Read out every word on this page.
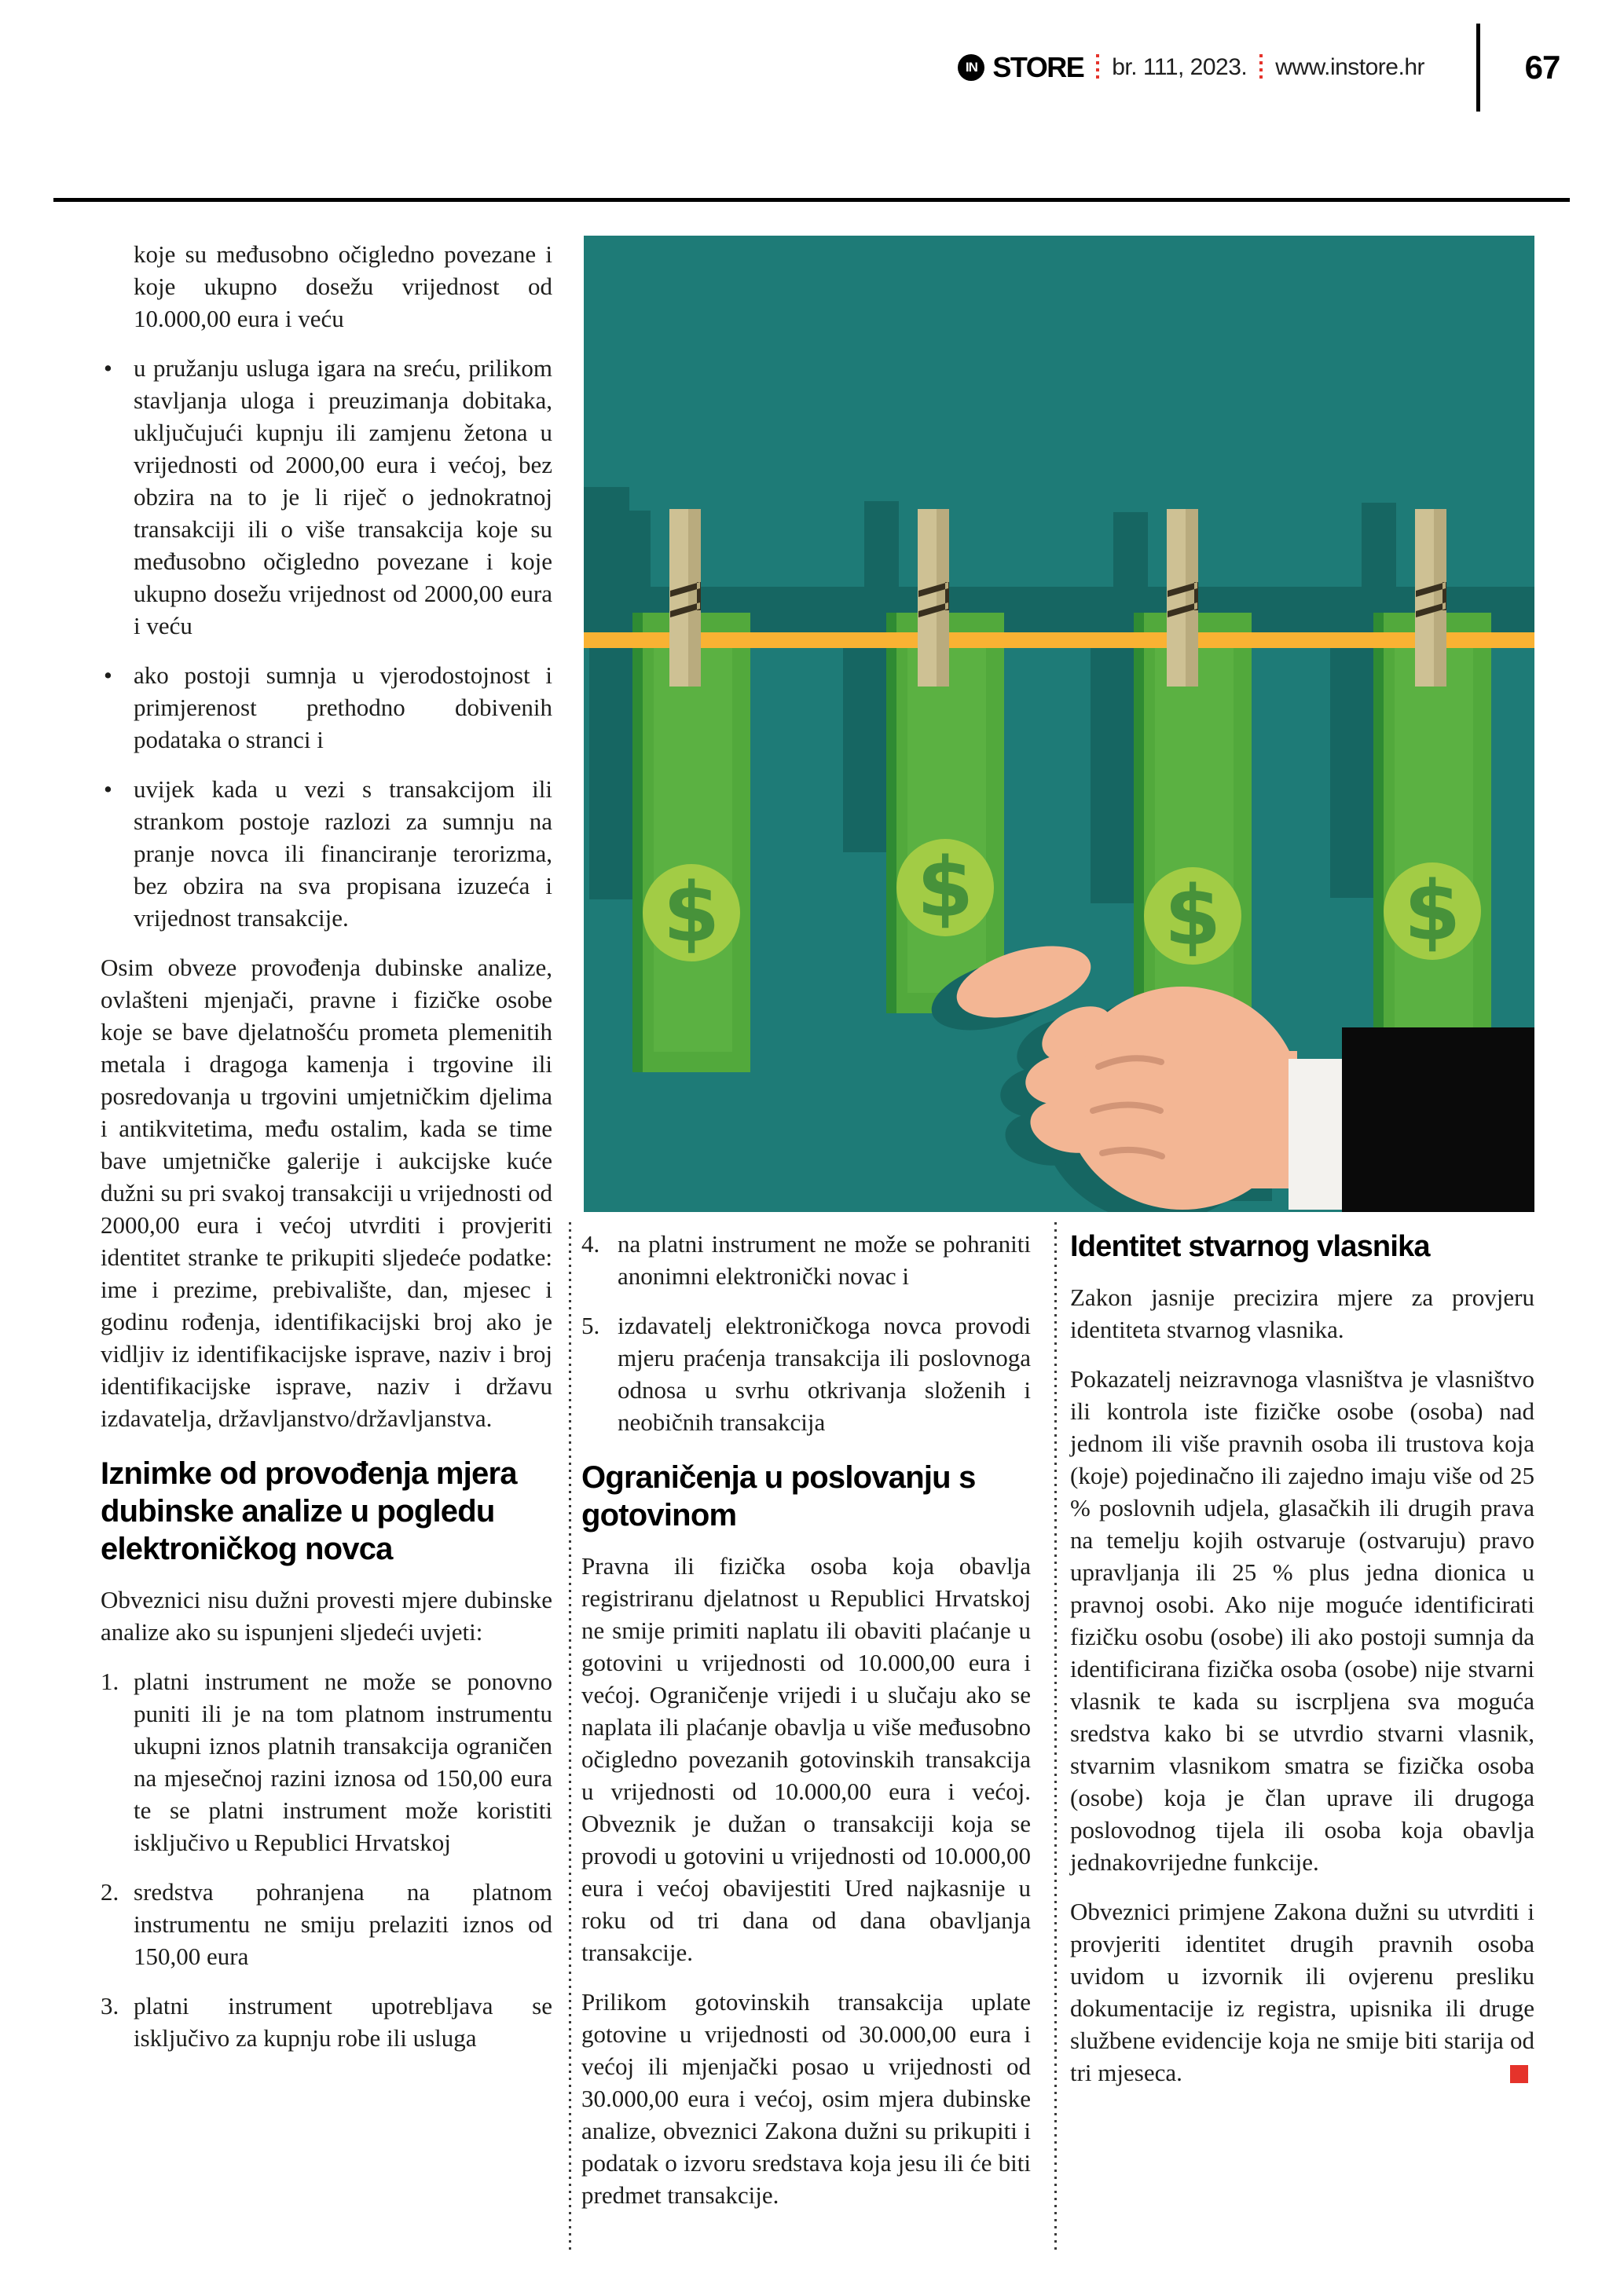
IN STORE br. 111, 2023. www.instore.hr	67

koje su međusobno očigledno povezane i koje ukupno dosežu vrijednost od 10.000,00 eura i veću

• u pružanju usluga igara na sreću, prilikom stavljanja uloga i preuzimanja dobitaka, uključujući kupnju ili zamjenu žetona u vrijednosti od 2000,00 eura i većoj, bez obzira na to je li riječ o jednokratnoj transakciji ili o više transakcija koje su međusobno očigledno povezane i koje ukupno dosežu vrijednost od 2000,00 eura i veću
• ako postoji sumnja u vjerodostojnost i primjerenost prethodno dobivenih podataka o stranci i
• uvijek kada u vezi s transakcijom ili strankom postoje razlozi za sumnju na pranje novca ili financiranje terorizma, bez obzira na sva propisana izuzeća i vrijednost transakcije.

Osim obveze provođenja dubinske analize, ovlašteni mjenjači, pravne i fizičke osobe koje se bave djelatnošću prometa plemenitih metala i dragoga kamenja i trgovine ili posredovanja u trgovini umjetničkim djelima i antikvitetima, među ostalim, kada se time bave umjetničke galerije i aukcijske kuće dužni su pri svakoj transakciji u vrijednosti od 2000,00 eura i većoj utvrditi i provjeriti identitet stranke te prikupiti sljedeće podatke: ime i prezime, prebivalište, dan, mjesec i godinu rođenja, identifikacijski broj ako je vidljiv iz identifikacijske isprave, naziv i broj identifikacijske isprave, naziv i državu izdavatelja, državljanstvo/državljanstva.

Iznimke od provođenja mjera dubinske analize u pogledu elektroničkog novca

Obveznici nisu dužni provesti mjere dubinske analize ako su ispunjeni sljedeći uvjeti:

1. platni instrument ne može se ponovno puniti ili je na tom platnom instrumentu ukupni iznos platnih transakcija ograničen na mjesečnoj razini iznosa od 150,00 eura te se platni instrument može koristiti isključivo u Republici Hrvatskoj
2. sredstva pohranjena na platnom instrumentu ne smiju prelaziti iznos od 150,00 eura
3. platni instrument upotrebljava se isključivo za kupnju robe ili usluga
4. na platni instrument ne može se pohraniti anonimni elektronički novac i
5. izdavatelj elektroničkoga novca provodi mjeru praćenja transakcija ili poslovnoga odnosa u svrhu otkrivanja složenih i neobičnih transakcija
Ograničenja u poslovanju s gotovinom

Pravna ili fizička osoba koja obavlja registriranu djelatnost u Republici Hrvatskoj ne smije primiti naplatu ili obaviti plaćanje u gotovini u vrijednosti od 10.000,00 eura i većoj. Ograničenje vrijedi i u slučaju ako se naplata ili plaćanje obavlja u više međusobno očigledno povezanih gotovinskih transakcija u vrijednosti od 10.000,00 eura i većoj. Obveznik je dužan o transakciji koja se provodi u gotovini u vrijednosti od 10.000,00 eura i većoj obavijestiti Ured najkasnije u roku od tri dana od dana obavljanja transakcije.

Prilikom gotovinskih transakcija uplate gotovine u vrijednosti od 30.000,00 eura i većoj ili mjenjački posao u vrijednosti od 30.000,00 eura i većoj, osim mjera dubinske analize, obveznici Zakona dužni su prikupiti i podatak o izvoru sredstava koja jesu ili će biti predmet transakcije.

Identitet stvarnog vlasnika

Zakon jasnije precizira mjere za provjeru identiteta stvarnog vlasnika.

Pokazatelj neizravnoga vlasništva je vlasništvo ili kontrola iste fizičke osobe (osoba) nad jednom ili više pravnih osoba ili trustova koja (koje) pojedinačno ili zajedno imaju više od 25 % poslovnih udjela, glasačkih ili drugih prava na temelju kojih ostvaruje (ostvaruju) pravo upravljanja ili 25 % plus jedna dionica u pravnoj osobi. Ako nije moguće identificirati fizičku osobu (osobe) ili ako postoji sumnja da identificirana fizička osoba (osobe) nije stvarni vlasnik te kada su iscrpljena sva moguća sredstva kako bi se utvrdio stvarni vlasnik, stvarnim vlasnikom smatra se fizička osoba (osobe) koja je član uprave ili drugoga poslovodnog tijela ili osoba koja obavlja jednakovrijedne funkcije.

Obveznici primjene Zakona dužni su utvrditi i provjeriti identitet drugih pravnih osoba uvidom u izvornik ili ovjerenu presliku dokumentacije iz registra, upisnika ili druge službene evidencije koja ne smije biti starija od tri mjeseca.

$ $ $ $
